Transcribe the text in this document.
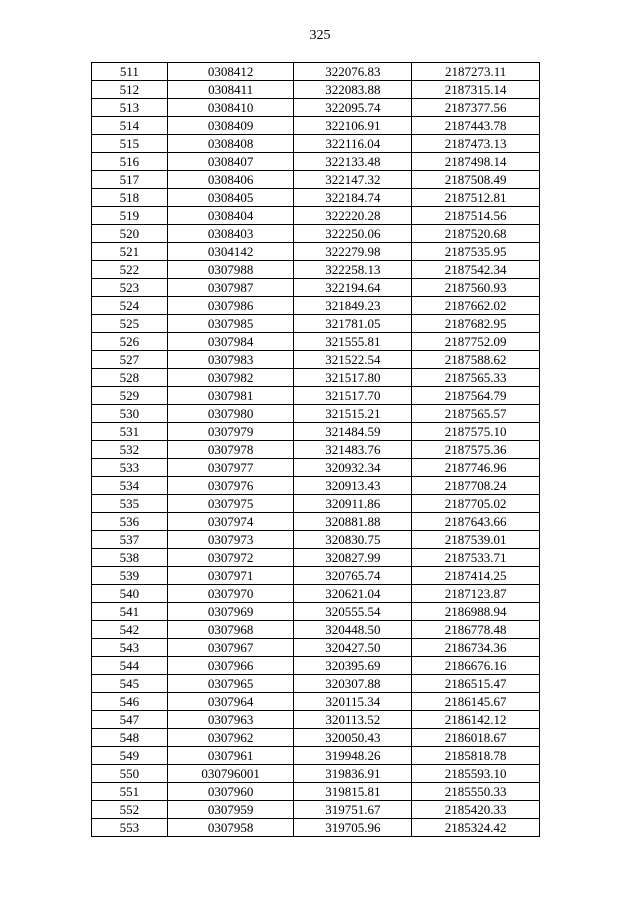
325
511	0308412	322076.83	2187273.11
512	0308411	322083.88	2187315.14
513	0308410	322095.74	2187377.56
514	0308409	322106.91	2187443.78
515	0308408	322116.04	2187473.13
516	0308407	322133.48	2187498.14
517	0308406	322147.32	2187508.49
518	0308405	322184.74	2187512.81
519	0308404	322220.28	2187514.56
520	0308403	322250.06	2187520.68
521	0304142	322279.98	2187535.95
522	0307988	322258.13	2187542.34
523	0307987	322194.64	2187560.93
524	0307986	321849.23	2187662.02
525	0307985	321781.05	2187682.95
526	0307984	321555.81	2187752.09
527	0307983	321522.54	2187588.62
528	0307982	321517.80	2187565.33
529	0307981	321517.70	2187564.79
530	0307980	321515.21	2187565.57
531	0307979	321484.59	2187575.10
532	0307978	321483.76	2187575.36
533	0307977	320932.34	2187746.96
534	0307976	320913.43	2187708.24
535	0307975	320911.86	2187705.02
536	0307974	320881.88	2187643.66
537	0307973	320830.75	2187539.01
538	0307972	320827.99	2187533.71
539	0307971	320765.74	2187414.25
540	0307970	320621.04	2187123.87
541	0307969	320555.54	2186988.94
542	0307968	320448.50	2186778.48
543	0307967	320427.50	2186734.36
544	0307966	320395.69	2186676.16
545	0307965	320307.88	2186515.47
546	0307964	320115.34	2186145.67
547	0307963	320113.52	2186142.12
548	0307962	320050.43	2186018.67
549	0307961	319948.26	2185818.78
550	030796001	319836.91	2185593.10
551	0307960	319815.81	2185550.33
552	0307959	319751.67	2185420.33
553	0307958	319705.96	2185324.42
